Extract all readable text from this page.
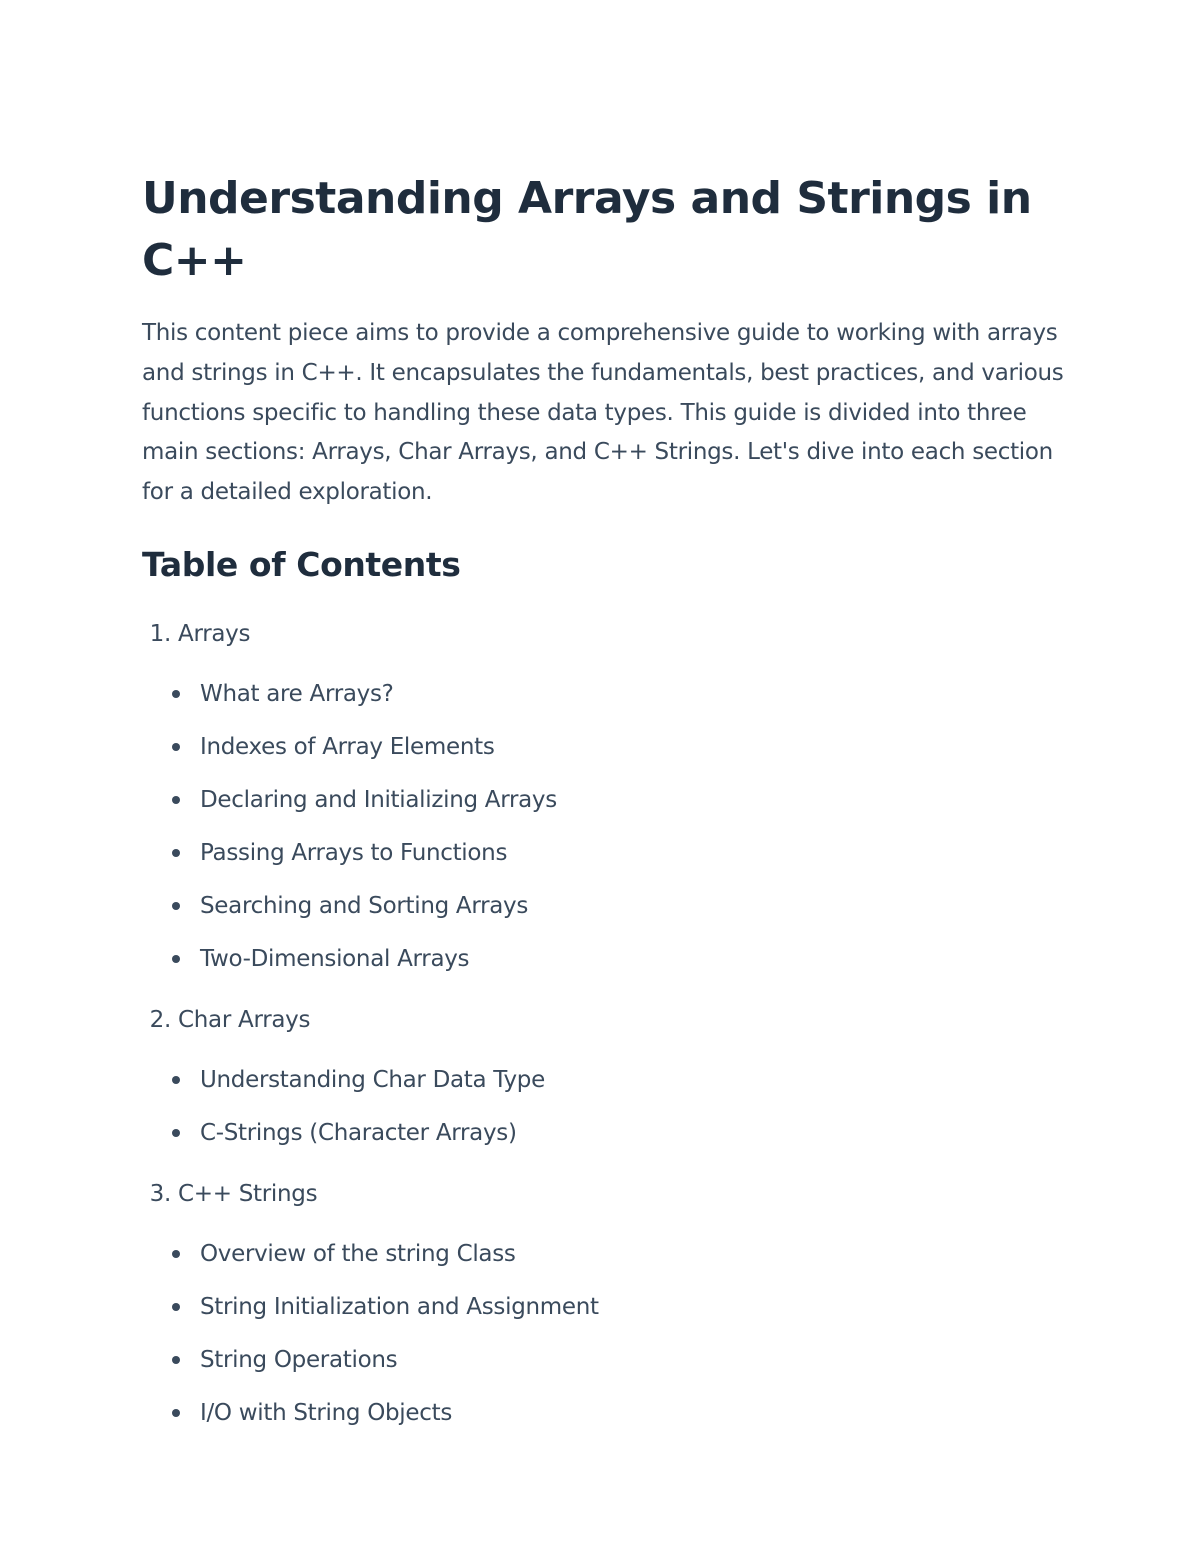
Understanding Arrays and Strings in C++

This content piece aims to provide a comprehensive guide to working with arrays and strings in C++. It encapsulates the fundamentals, best practices, and various functions specific to handling these data types. This guide is divided into three main sections: Arrays, Char Arrays, and C++ Strings. Let's dive into each section for a detailed exploration.

Table of Contents
1. Arrays
What are Arrays?
Indexes of Array Elements
Declaring and Initializing Arrays
Passing Arrays to Functions
Searching and Sorting Arrays
Two-Dimensional Arrays
2. Char Arrays
Understanding Char Data Type
C-Strings (Character Arrays)
3. C++ Strings
Overview of the string Class
String Initialization and Assignment
String Operations
I/O with String Objects
